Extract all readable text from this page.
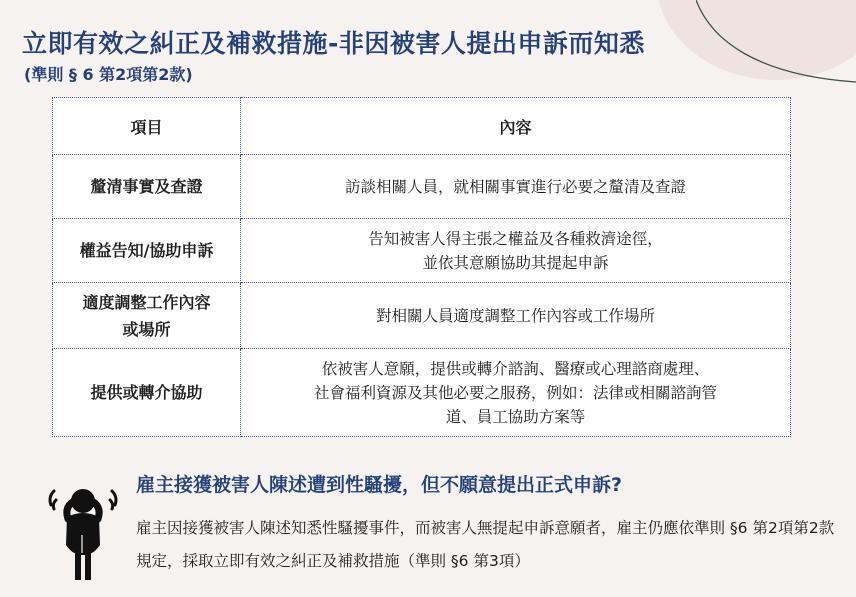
立即有效之糾正及補救措施-非因被害人提出申訴而知悉
(準則 § 6 第2項第2款)
項目	內容
釐清事實及查證	訪談相關人員，就相關事實進行必要之釐清及查證
權益告知/協助申訴	告知被害人得主張之權益及各種救濟途徑，
並依其意願協助其提起申訴
適度調整工作內容
或場所	對相關人員適度調整工作內容或工作場所
提供或轉介協助	依被害人意願，提供或轉介諮詢、醫療或心理諮商處理、
社會福利資源及其他必要之服務，例如：法律或相關諮詢管
道、員工協助方案等
雇主接獲被害人陳述遭到性騷擾，但不願意提出正式申訴?
雇主因接獲被害人陳述知悉性騷擾事件，而被害人無提起申訴意願者，雇主仍應依準則 §6 第2項第2款規定，採取立即有效之糾正及補救措施（準則 §6 第3項）
